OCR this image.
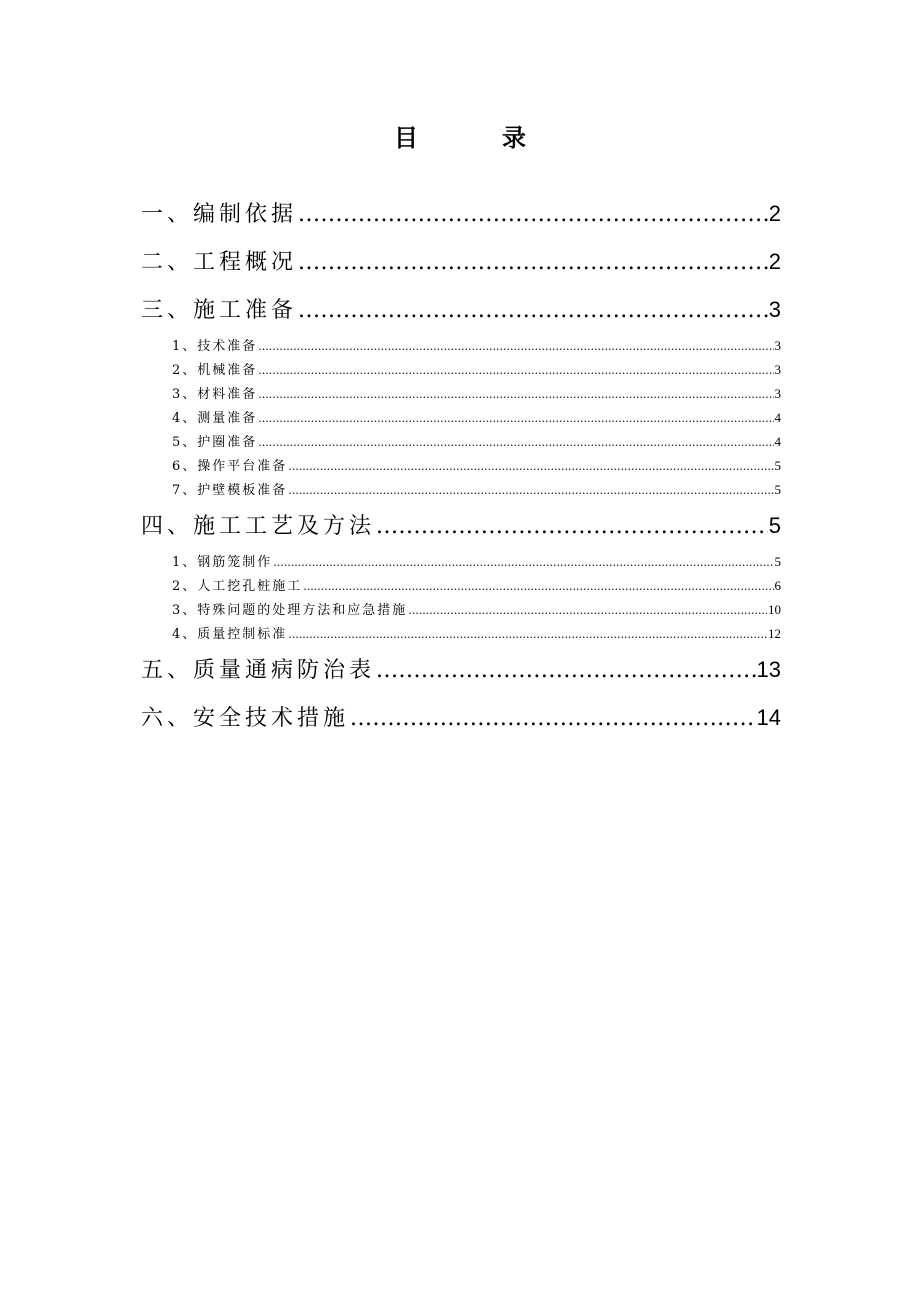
目　录
一、编制依据 .....	2
二、工程概况 .....	2
三、施工准备 .....	3
1、技术准备 .....	3
2、机械准备 .....	3
3、材料准备 .....	3
4、测量准备 .....	4
5、护圈准备 .....	4
6、操作平台准备 .....	5
7、护壁模板准备 .....	5
四、施工工艺及方法 .....	5
1、钢筋笼制作 .....	5
2、人工挖孔桩施工 .....	6
3、特殊问题的处理方法和应急措施 .....	10
4、质量控制标准 .....	12
五、质量通病防治表 .....	13
六、安全技术措施 .....	14
